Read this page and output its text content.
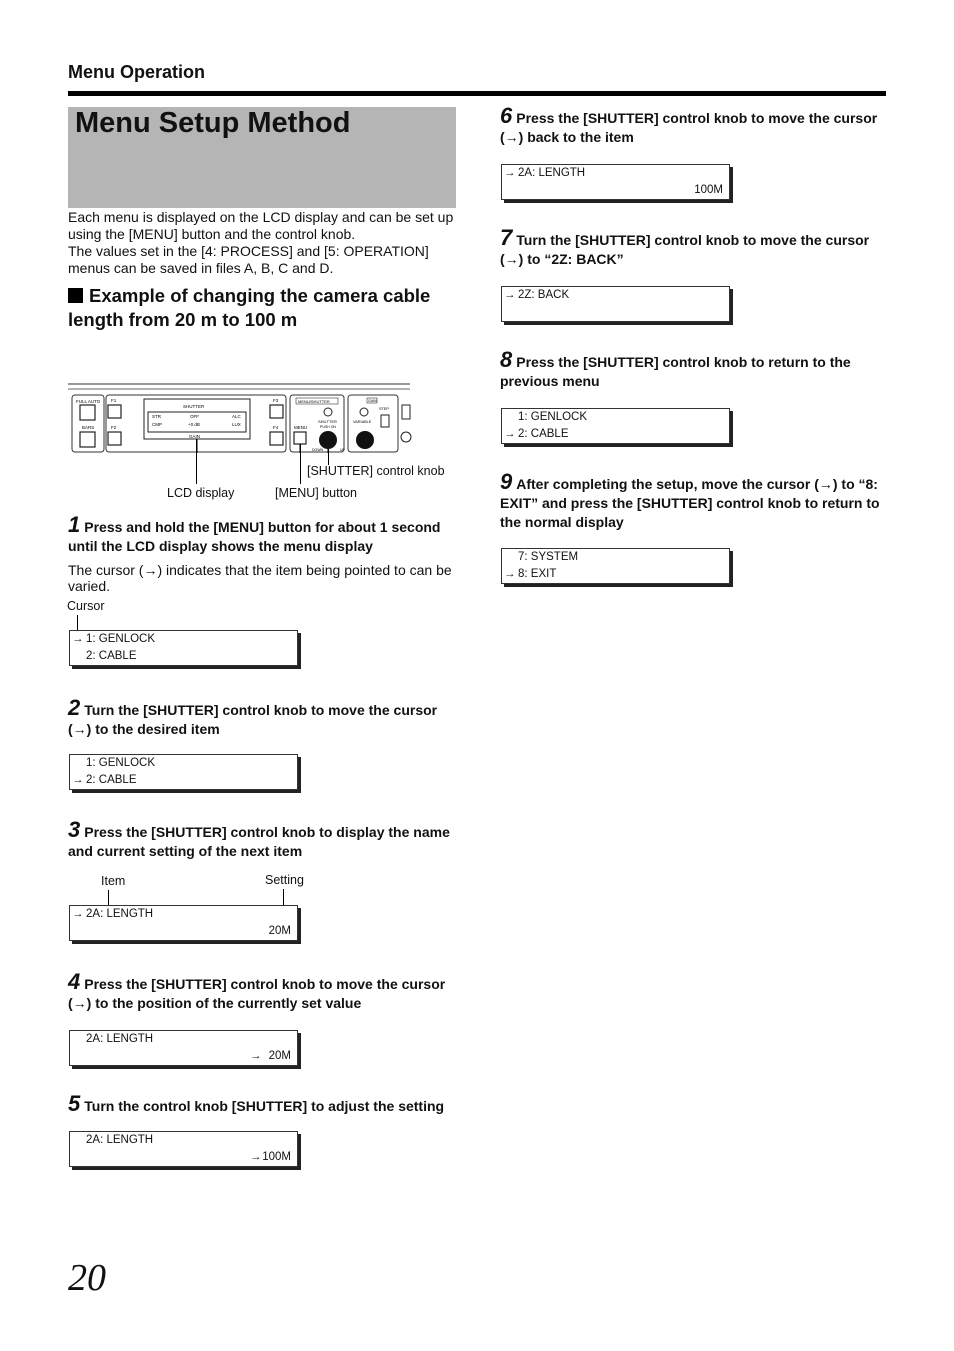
Menu Operation
Menu Setup Method
Each menu is displayed on the LCD display and can be set up using the [MENU] button and the control knob.
The values set in the [4: PROCESS] and [5: OPERATION] menus can be saved in files A, B, C and D.
Example of changing the camera cable length from 20 m to 100 m
FULL AUTO
BARS
F1
F2
SHUTTER
STR
CMP
OFF
+0 dB
ALC
LUX
GAIN
F3
F4
MENU/SHUTTER
MENU
SHUTTER
PUSH ON
DOWN	UP
GAIN
VARIABLE
STEP
[SHUTTER] control knob
LCD display	[MENU] button
1 Press and hold the [MENU] button for about 1 second until the LCD display shows the menu display
The cursor (→) indicates that the item being pointed to can be varied.
Cursor
→ 1: GENLOCK
2: CABLE
2 Turn the [SHUTTER] control knob to move the cursor (→) to the desired item
→
1: GENLOCK
2: CABLE
3 Press the [SHUTTER] control knob to display the name and current setting of the next item
Item	Setting
→ 2A: LENGTH
20M
4 Press the [SHUTTER] control knob to move the cursor (→) to the position of the currently set value
2A: LENGTH
→ 20M
5 Turn the control knob [SHUTTER] to adjust the setting
2A: LENGTH
→ 100M
6 Press the [SHUTTER] control knob to move the cursor (→) back to the item
→ 2A: LENGTH
100M
7 Turn the [SHUTTER] control knob to move the cursor (→) to “2Z: BACK”
→ 2Z: BACK
8 Press the [SHUTTER] control knob to return to the previous menu
1: GENLOCK
→ 2: CABLE
9 After completing the setup, move the cursor (→) to “8: EXIT” and press the [SHUTTER] control knob to return to the normal display
7: SYSTEM
→ 8: EXIT
20
